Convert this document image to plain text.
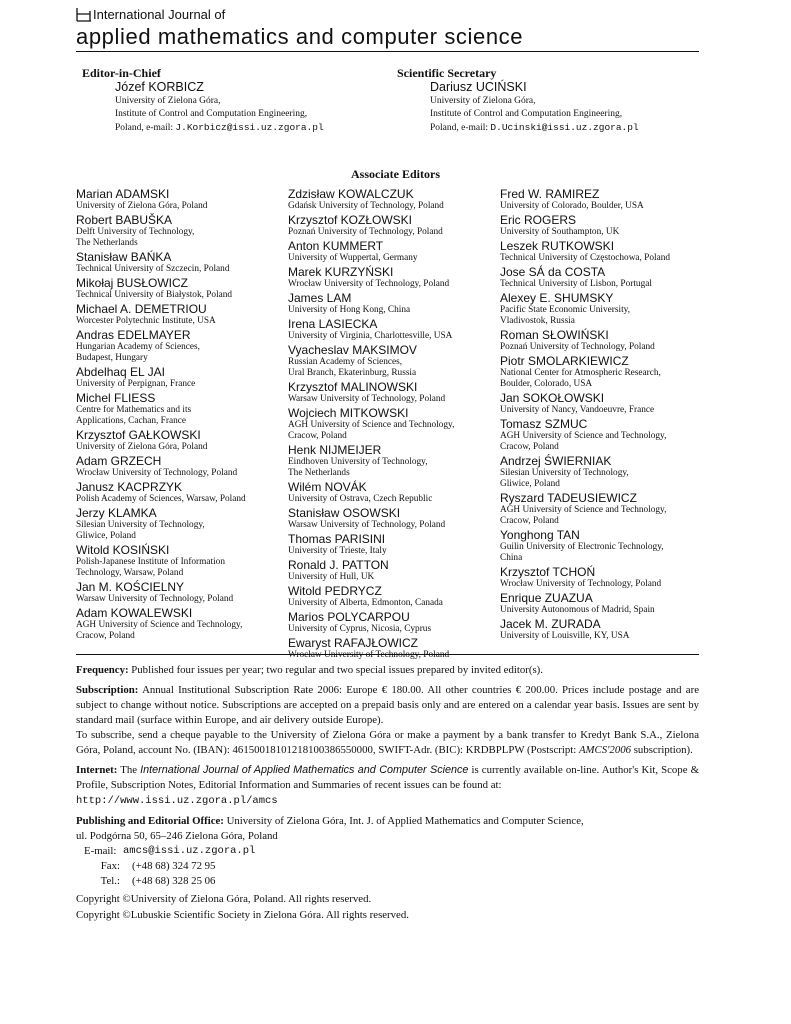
International Journal of
applied mathematics and computer science
Editor-in-Chief
Józef KORBICZ
University of Zielona Góra,
Institute of Control and Computation Engineering,
Poland, e-mail: J.Korbicz@issi.uz.zgora.pl
Scientific Secretary
Dariusz UCIŃSKI
University of Zielona Góra,
Institute of Control and Computation Engineering,
Poland, e-mail: D.Ucinski@issi.uz.zgora.pl
Associate Editors
Marian ADAMSKI
University of Zielona Góra, Poland
Robert BABUŠKA
Delft University of Technology,
The Netherlands
Stanisław BAŃKA
Technical University of Szczecin, Poland
Mikołaj BUSŁOWICZ
Technical University of Białystok, Poland
Michael A. DEMETRIOU
Worcester Polytechnic Institute, USA
Andras EDELMAYER
Hungarian Academy of Sciences,
Budapest, Hungary
Abdelhaq EL JAI
University of Perpignan, France
Michel FLIESS
Centre for Mathematics and its
Applications, Cachan, France
Krzysztof GAŁKOWSKI
University of Zielona Góra, Poland
Adam GRZECH
Wrocław University of Technology, Poland
Janusz KACPRZYK
Polish Academy of Sciences, Warsaw, Poland
Jerzy KLAMKA
Silesian University of Technology,
Gliwice, Poland
Witold KOSIŃSKI
Polish-Japanese Institute of Information
Technology, Warsaw, Poland
Jan M. KOŚCIELNY
Warsaw University of Technology, Poland
Adam KOWALEWSKI
AGH University of Science and Technology,
Cracow, Poland
Zdzisław KOWALCZUK
Gdańsk University of Technology, Poland
Krzysztof KOZŁOWSKI
Poznań University of Technology, Poland
Anton KUMMERT
University of Wuppertal, Germany
Marek KURZYŃSKI
Wrocław University of Technology, Poland
James LAM
University of Hong Kong, China
Irena LASIECKA
University of Virginia, Charlottesville, USA
Vyacheslav MAKSIMOV
Russian Academy of Sciences,
Ural Branch, Ekaterinburg, Russia
Krzysztof MALINOWSKI
Warsaw University of Technology, Poland
Wojciech MITKOWSKI
AGH University of Science and Technology,
Cracow, Poland
Henk NIJMEIJER
Eindhoven University of Technology,
The Netherlands
Wilém NOVÁK
University of Ostrava, Czech Republic
Stanisław OSOWSKI
Warsaw University of Technology, Poland
Thomas PARISINI
University of Trieste, Italy
Ronald J. PATTON
University of Hull, UK
Witold PEDRYCZ
University of Alberta, Edmonton, Canada
Marios POLYCARPOU
University of Cyprus, Nicosia, Cyprus
Ewaryst RAFAJŁOWICZ
Wrocław University of Technology, Poland
Fred W. RAMIREZ
University of Colorado, Boulder, USA
Eric ROGERS
University of Southampton, UK
Leszek RUTKOWSKI
Technical University of Częstochowa, Poland
Jose SÁ da COSTA
Technical University of Lisbon, Portugal
Alexey E. SHUMSKY
Pacific State Economic University,
Vladivostok, Russia
Roman SŁOWIŃSKI
Poznań University of Technology, Poland
Piotr SMOLARKIEWICZ
National Center for Atmospheric Research,
Boulder, Colorado, USA
Jan SOKOŁOWSKI
University of Nancy, Vandoeuvre, France
Tomasz SZMUC
AGH University of Science and Technology,
Cracow, Poland
Andrzej ŚWIERNIAK
Silesian University of Technology,
Gliwice, Poland
Ryszard TADEUSIEWICZ
AGH University of Science and Technology,
Cracow, Poland
Yonghong TAN
Guilin University of Electronic Technology,
China
Krzysztof TCHOŃ
Wrocław University of Technology, Poland
Enrique ZUAZUA
University Autonomous of Madrid, Spain
Jacek M. ZURADA
University of Louisville, KY, USA

Frequency: Published four issues per year; two regular and two special issues prepared by invited editor(s).

Subscription: Annual Institutional Subscription Rate 2006: Europe € 180.00. All other countries € 200.00. Prices include postage and are subject to change without notice. Subscriptions are accepted on a prepaid basis only and are entered on a calendar year basis. Issues are sent by standard mail (surface within Europe, and air delivery outside Europe).

To subscribe, send a cheque payable to the University of Zielona Góra or make a payment by a bank transfer to Kredyt Bank S.A., Zielona Góra, Poland, account No. (IBAN): 46150018101218100386550000, SWIFT-Adr. (BIC): KRDBPLPW (Postscript: AMCS'2006 subscription).

Internet: The International Journal of Applied Mathematics and Computer Science is currently available on-line. Author's Kit, Scope & Profile, Subscription Notes, Editorial Information and Summaries of recent issues can be found at:
http://www.issi.uz.zgora.pl/amcs

Publishing and Editorial Office: University of Zielona Góra, Int. J. of Applied Mathematics and Computer Science,
ul. Podgórna 50, 65–246 Zielona Góra, Poland

E-mail: amcs@issi.uz.zgora.pl
Fax: (+48 68) 324 72 95
Tel.: (+48 68) 328 25 06

Copyright ©University of Zielona Góra, Poland. All rights reserved.

Copyright ©Lubuskie Scientific Society in Zielona Góra. All rights reserved.
